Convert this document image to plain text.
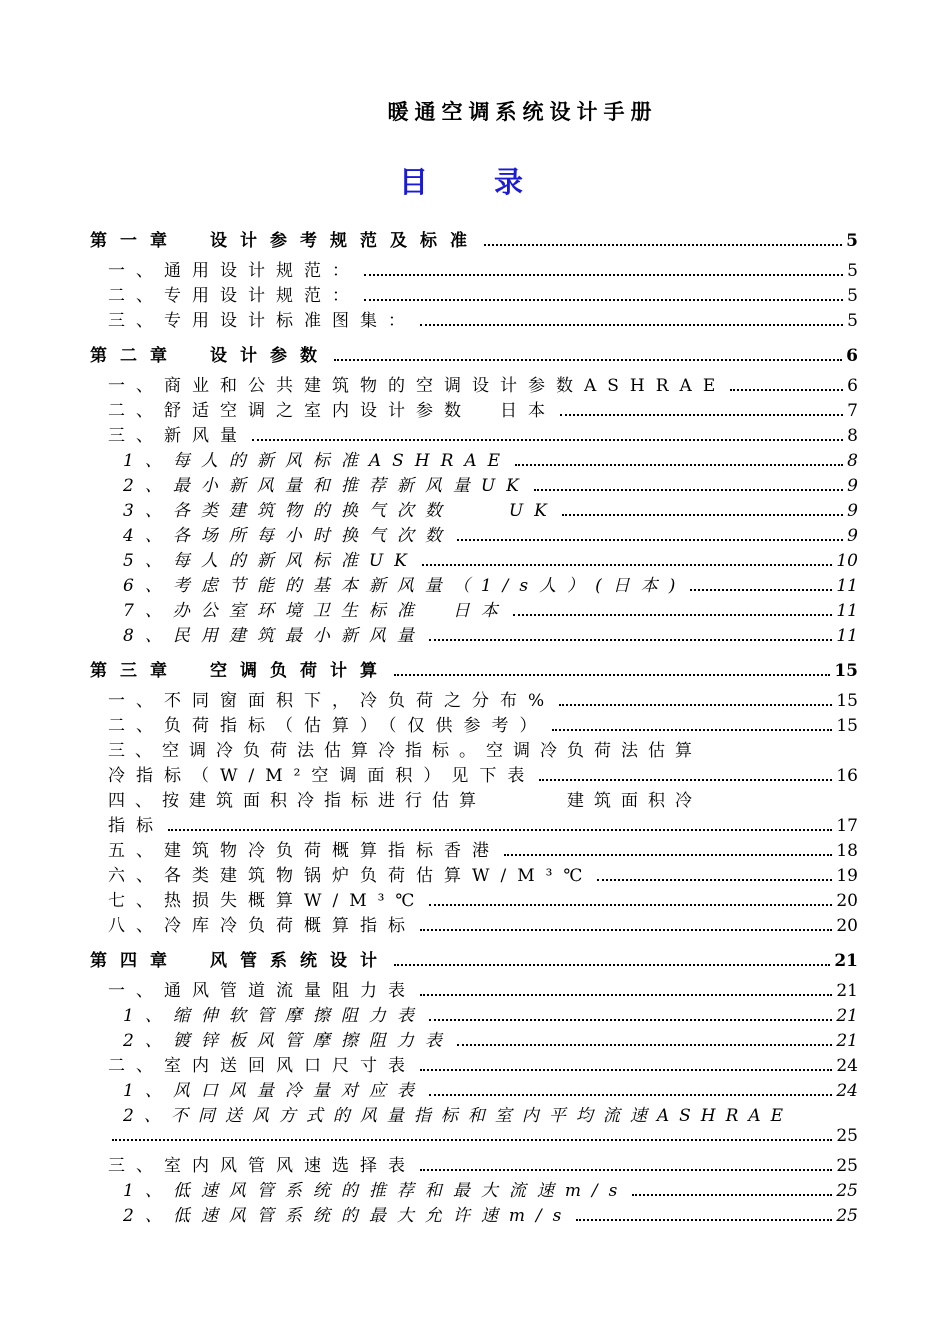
暖通空调系统设计手册
目 录
第一章　设计参考规范及标准	5
一、通用设计规范：	5
二、专用设计规范：	5
三、专用设计标准图集：	5
第二章　设计参数	6
一、商业和公共建筑物的空调设计参数ASHRAE	6
二、舒适空调之室内设计参数　日本	7
三、新风量	8
1、每人的新风标准ASHRAE	8
2、最小新风量和推荐新风量UK	9
3、各类建筑物的换气次数　　UK	9
4、各场所每小时换气次数	9
5、每人的新风标准UK	10
6、考虑节能的基本新风量（1/s人）(日本)	11
7、办公室环境卫生标准　日本	11
8、民用建筑最小新风量	11
第三章　空调负荷计算	15
一、不同窗面积下，冷负荷之分布%	15
二、负荷指标（估算）（仅供参考）	15
三、空调冷负荷法估算冷指标。空调冷负荷法估算
冷指标（W/M²空调面积）见下表	16
四、按建筑面积冷指标进行估算　　　建筑面积冷
指标	17
五、建筑物冷负荷概算指标香港	18
六、各类建筑物锅炉负荷估算W/M³℃	19
七、热损失概算W/M³℃	20
八、冷库冷负荷概算指标	20
第四章　风管系统设计	21
一、通风管道流量阻力表	21
1、缩伸软管摩擦阻力表	21
2、镀锌板风管摩擦阻力表	21
二、室内送回风口尺寸表	24
1、风口风量冷量对应表	24
2、不同送风方式的风量指标和室内平均流速ASHRAE
25
三、室内风管风速选择表	25
1、低速风管系统的推荐和最大流速m/s	25
2、低速风管系统的最大允许速m/s	25
